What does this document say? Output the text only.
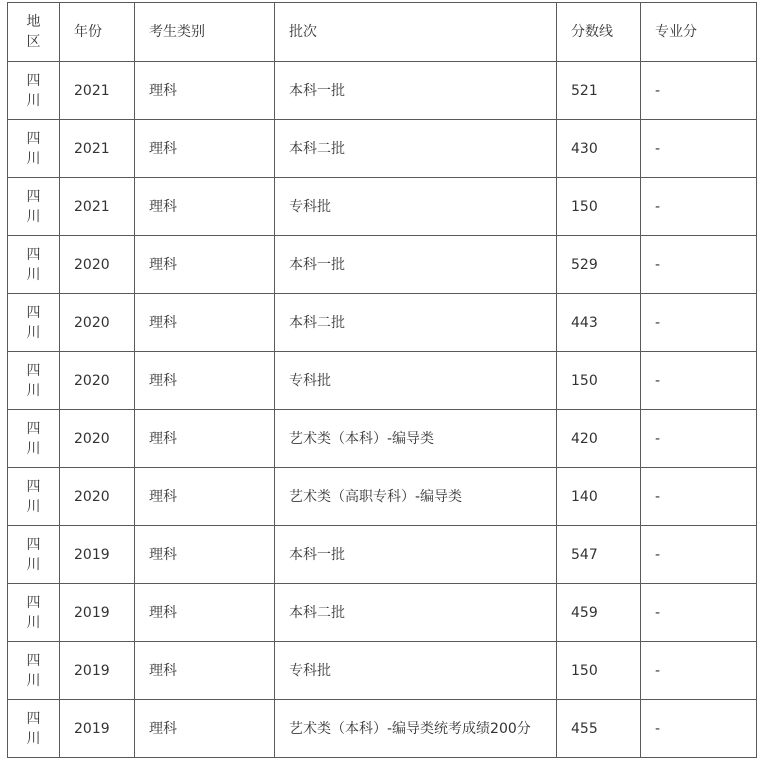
地区	年份	考生类别	批次	分数线	专业分
四川	2021	理科	本科一批	521	-
四川	2021	理科	本科二批	430	-
四川	2021	理科	专科批	150	-
四川	2020	理科	本科一批	529	-
四川	2020	理科	本科二批	443	-
四川	2020	理科	专科批	150	-
四川	2020	理科	艺术类（本科）-编导类	420	-
四川	2020	理科	艺术类（高职专科）-编导类	140	-
四川	2019	理科	本科一批	547	-
四川	2019	理科	本科二批	459	-
四川	2019	理科	专科批	150	-
四川	2019	理科	艺术类（本科）-编导类统考成绩200分	455	-
